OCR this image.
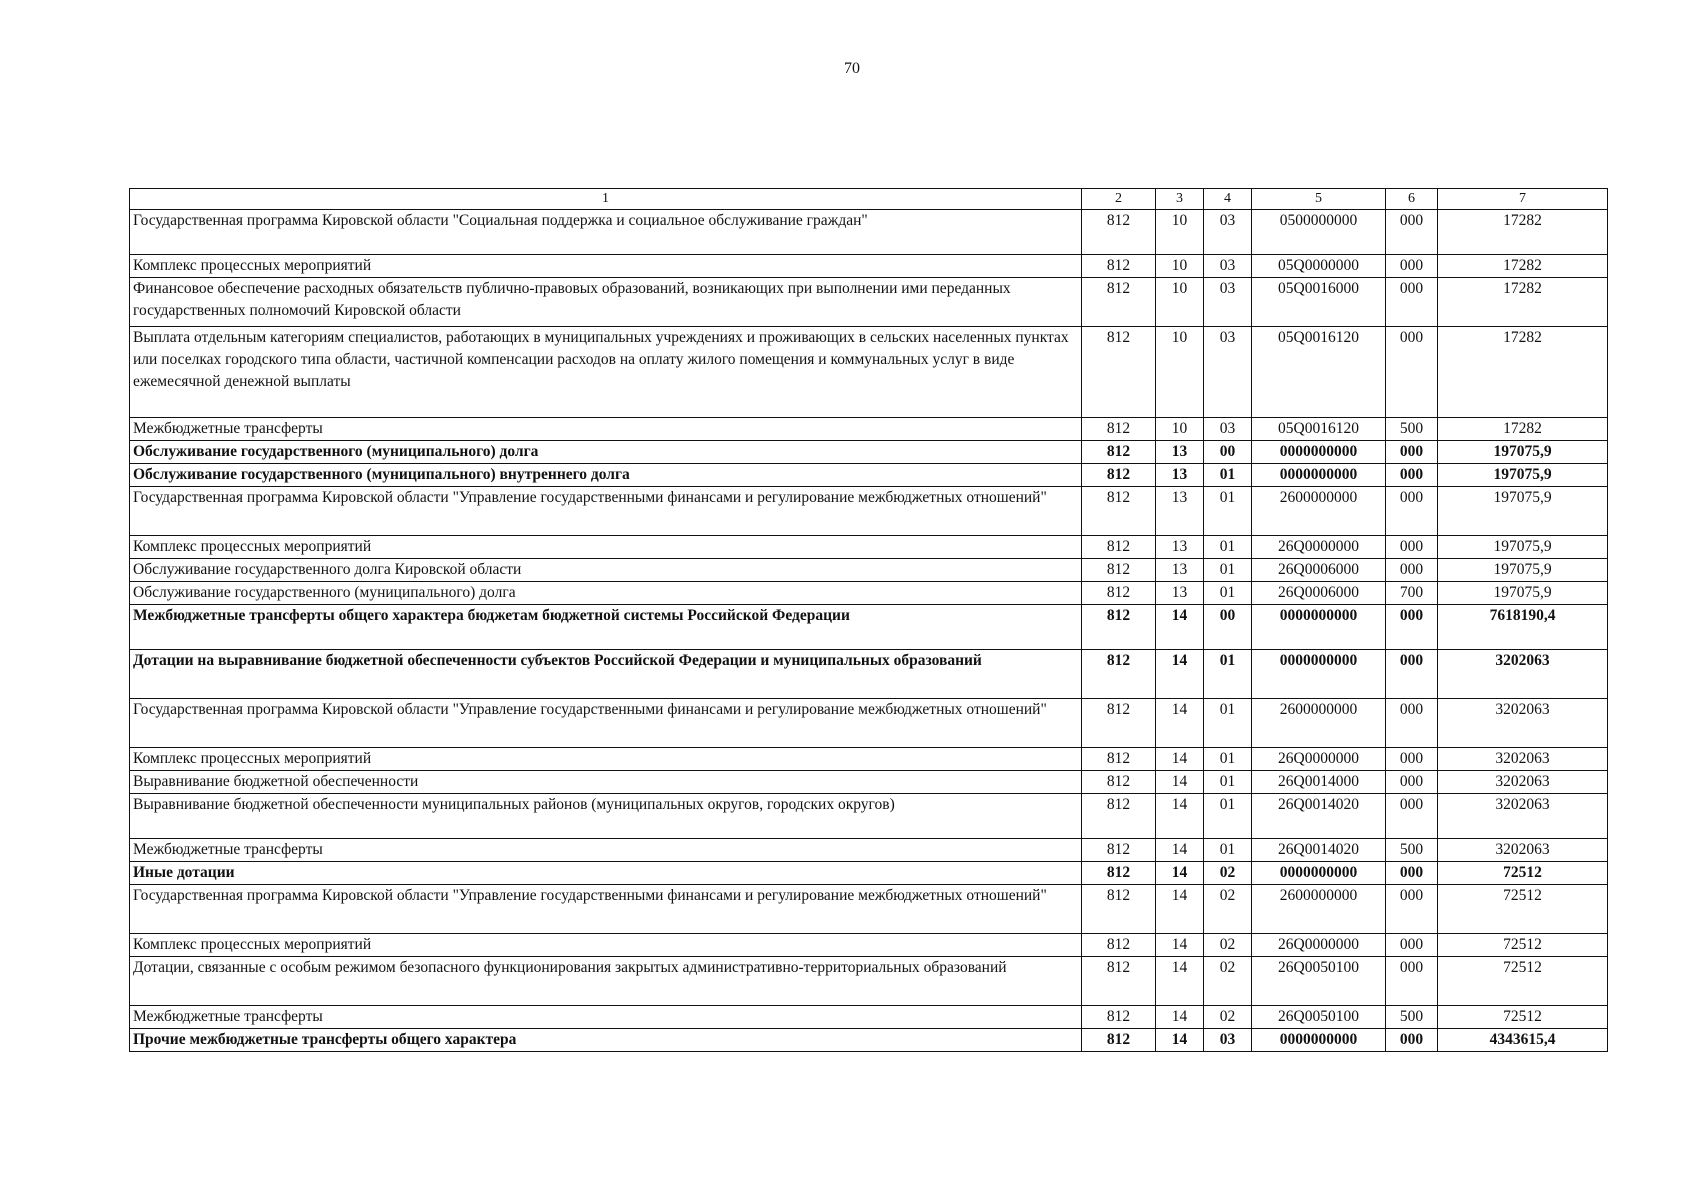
70
1	2	3	4	5	6	7
Государственная программа Кировской области "Социальная поддержка и социальное обслуживание граждан"	812	10	03	0500000000	000	17282
Комплекс процессных мероприятий	812	10	03	05Q0000000	000	17282
Финансовое обеспечение расходных обязательств публично-правовых образований, возникающих при выполнении ими переданных государственных полномочий Кировской области	812	10	03	05Q0016000	000	17282
Выплата отдельным категориям специалистов, работающих в муниципальных учреждениях и проживающих в сельских населенных пунктах или поселках городского типа области, частичной компенсации расходов на оплату жилого помещения и коммунальных услуг в виде ежемесячной денежной выплаты	812	10	03	05Q0016120	000	17282
Межбюджетные трансферты	812	10	03	05Q0016120	500	17282
Обслуживание государственного (муниципального) долга	812	13	00	0000000000	000	197075,9
Обслуживание государственного (муниципального) внутреннего долга	812	13	01	0000000000	000	197075,9
Государственная программа Кировской области "Управление государственными финансами и регулирование межбюджетных отношений"	812	13	01	2600000000	000	197075,9
Комплекс процессных мероприятий	812	13	01	26Q0000000	000	197075,9
Обслуживание государственного долга Кировской области	812	13	01	26Q0006000	000	197075,9
Обслуживание государственного (муниципального) долга	812	13	01	26Q0006000	700	197075,9
Межбюджетные трансферты общего характера бюджетам бюджетной системы Российской Федерации	812	14	00	0000000000	000	7618190,4
Дотации на выравнивание бюджетной обеспеченности субъектов Российской Федерации и муниципальных образований	812	14	01	0000000000	000	3202063
Государственная программа Кировской области "Управление государственными финансами и регулирование межбюджетных отношений"	812	14	01	2600000000	000	3202063
Комплекс процессных мероприятий	812	14	01	26Q0000000	000	3202063
Выравнивание бюджетной обеспеченности	812	14	01	26Q0014000	000	3202063
Выравнивание бюджетной обеспеченности муниципальных районов (муниципальных округов, городских округов)	812	14	01	26Q0014020	000	3202063
Межбюджетные трансферты	812	14	01	26Q0014020	500	3202063
Иные дотации	812	14	02	0000000000	000	72512
Государственная программа Кировской области "Управление государственными финансами и регулирование межбюджетных отношений"	812	14	02	2600000000	000	72512
Комплекс процессных мероприятий	812	14	02	26Q0000000	000	72512
Дотации, связанные с особым режимом безопасного функционирования закрытых административно-территориальных образований	812	14	02	26Q0050100	000	72512
Межбюджетные трансферты	812	14	02	26Q0050100	500	72512
Прочие межбюджетные трансферты общего характера	812	14	03	0000000000	000	4343615,4
